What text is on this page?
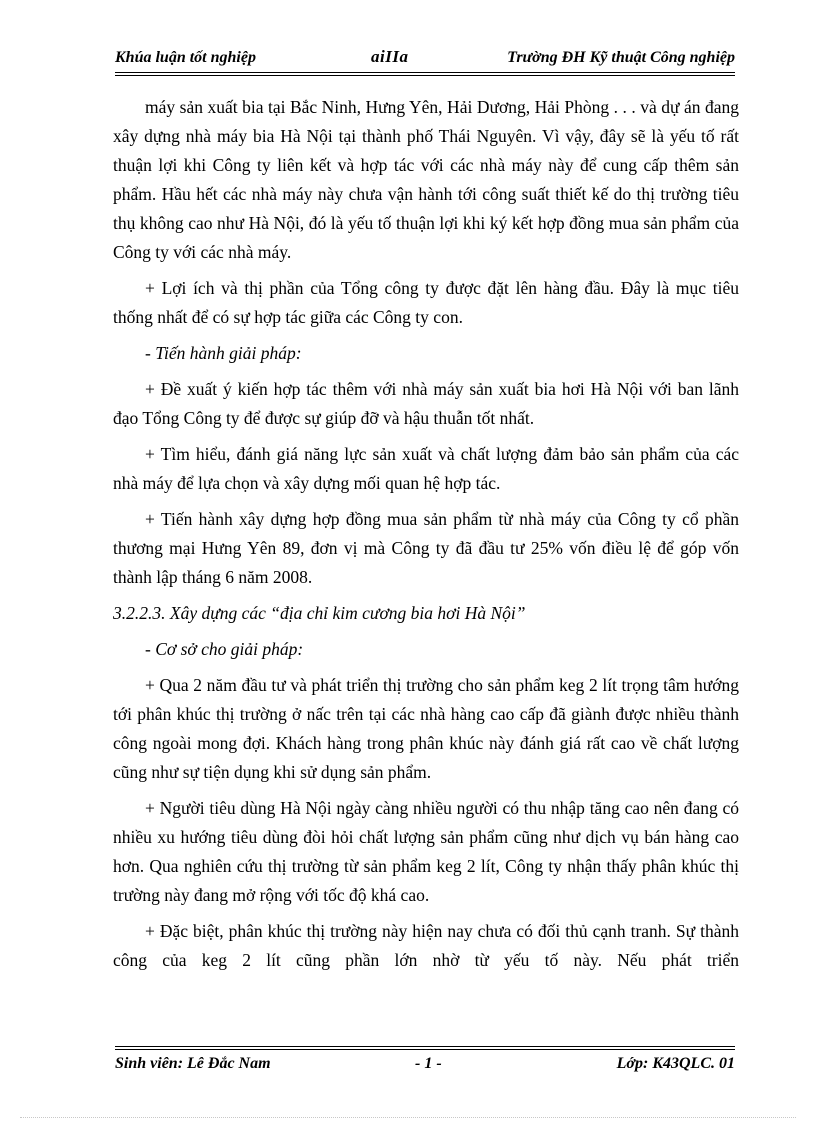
Khúa luận tốt nghiệp	aiIIa	Trường ĐH Kỹ thuật Công nghiệp

máy sản xuất bia tại Bắc Ninh, Hưng Yên, Hải Dương, Hải Phòng . . . và dự án đang xây dựng nhà máy bia Hà Nội tại thành phố Thái Nguyên. Vì vậy, đây sẽ là yếu tố rất thuận lợi khi Công ty liên kết và hợp tác với các nhà máy này để cung cấp thêm sản phẩm. Hầu hết các nhà máy này chưa vận hành tới công suất thiết kế do thị trường tiêu thụ không cao như Hà Nội, đó là yếu tố thuận lợi khi ký kết hợp đồng mua sản phẩm của Công ty với các nhà máy.

+ Lợi ích và thị phần của Tổng công ty được đặt lên hàng đầu. Đây là mục tiêu thống nhất để có sự hợp tác giữa các Công ty con.

- Tiến hành giải pháp:

+ Đề xuất ý kiến hợp tác thêm với nhà máy sản xuất bia hơi Hà Nội với ban lãnh đạo Tổng Công ty để được sự giúp đỡ và hậu thuẫn tốt nhất.

+ Tìm hiểu, đánh giá năng lực sản xuất và chất lượng đảm bảo sản phẩm của các nhà máy để lựa chọn và xây dựng mối quan hệ hợp tác.

+ Tiến hành xây dựng hợp đồng mua sản phẩm từ nhà máy của Công ty cổ phần thương mại Hưng Yên 89, đơn vị mà Công ty đã đầu tư 25% vốn điều lệ để góp vốn thành lập tháng 6 năm 2008.

3.2.2.3. Xây dựng các “địa chỉ kim cương bia hơi Hà Nội”

- Cơ sở cho giải pháp:

+ Qua 2 năm đầu tư và phát triển thị trường cho sản phẩm keg 2 lít trọng tâm hướng tới phân khúc thị trường ở nấc trên tại các nhà hàng cao cấp đã giành được nhiều thành công ngoài mong đợi. Khách hàng trong phân khúc này đánh giá rất cao về chất lượng cũng như sự tiện dụng khi sử dụng sản phẩm.

+ Người tiêu dùng Hà Nội ngày càng nhiều người có thu nhập tăng cao nên đang có nhiều xu hướng tiêu dùng đòi hỏi chất lượng sản phẩm cũng như dịch vụ bán hàng cao hơn. Qua nghiên cứu thị trường từ sản phẩm keg 2 lít, Công ty nhận thấy phân khúc thị trường này đang mở rộng với tốc độ khá cao.

+ Đặc biệt, phân khúc thị trường này hiện nay chưa có đối thủ cạnh tranh. Sự thành công của keg 2 lít cũng phần lớn nhờ từ yếu tố này. Nếu phát triển

Sinh viên: Lê Đắc Nam	- 1 -	Lớp: K43QLC. 01
